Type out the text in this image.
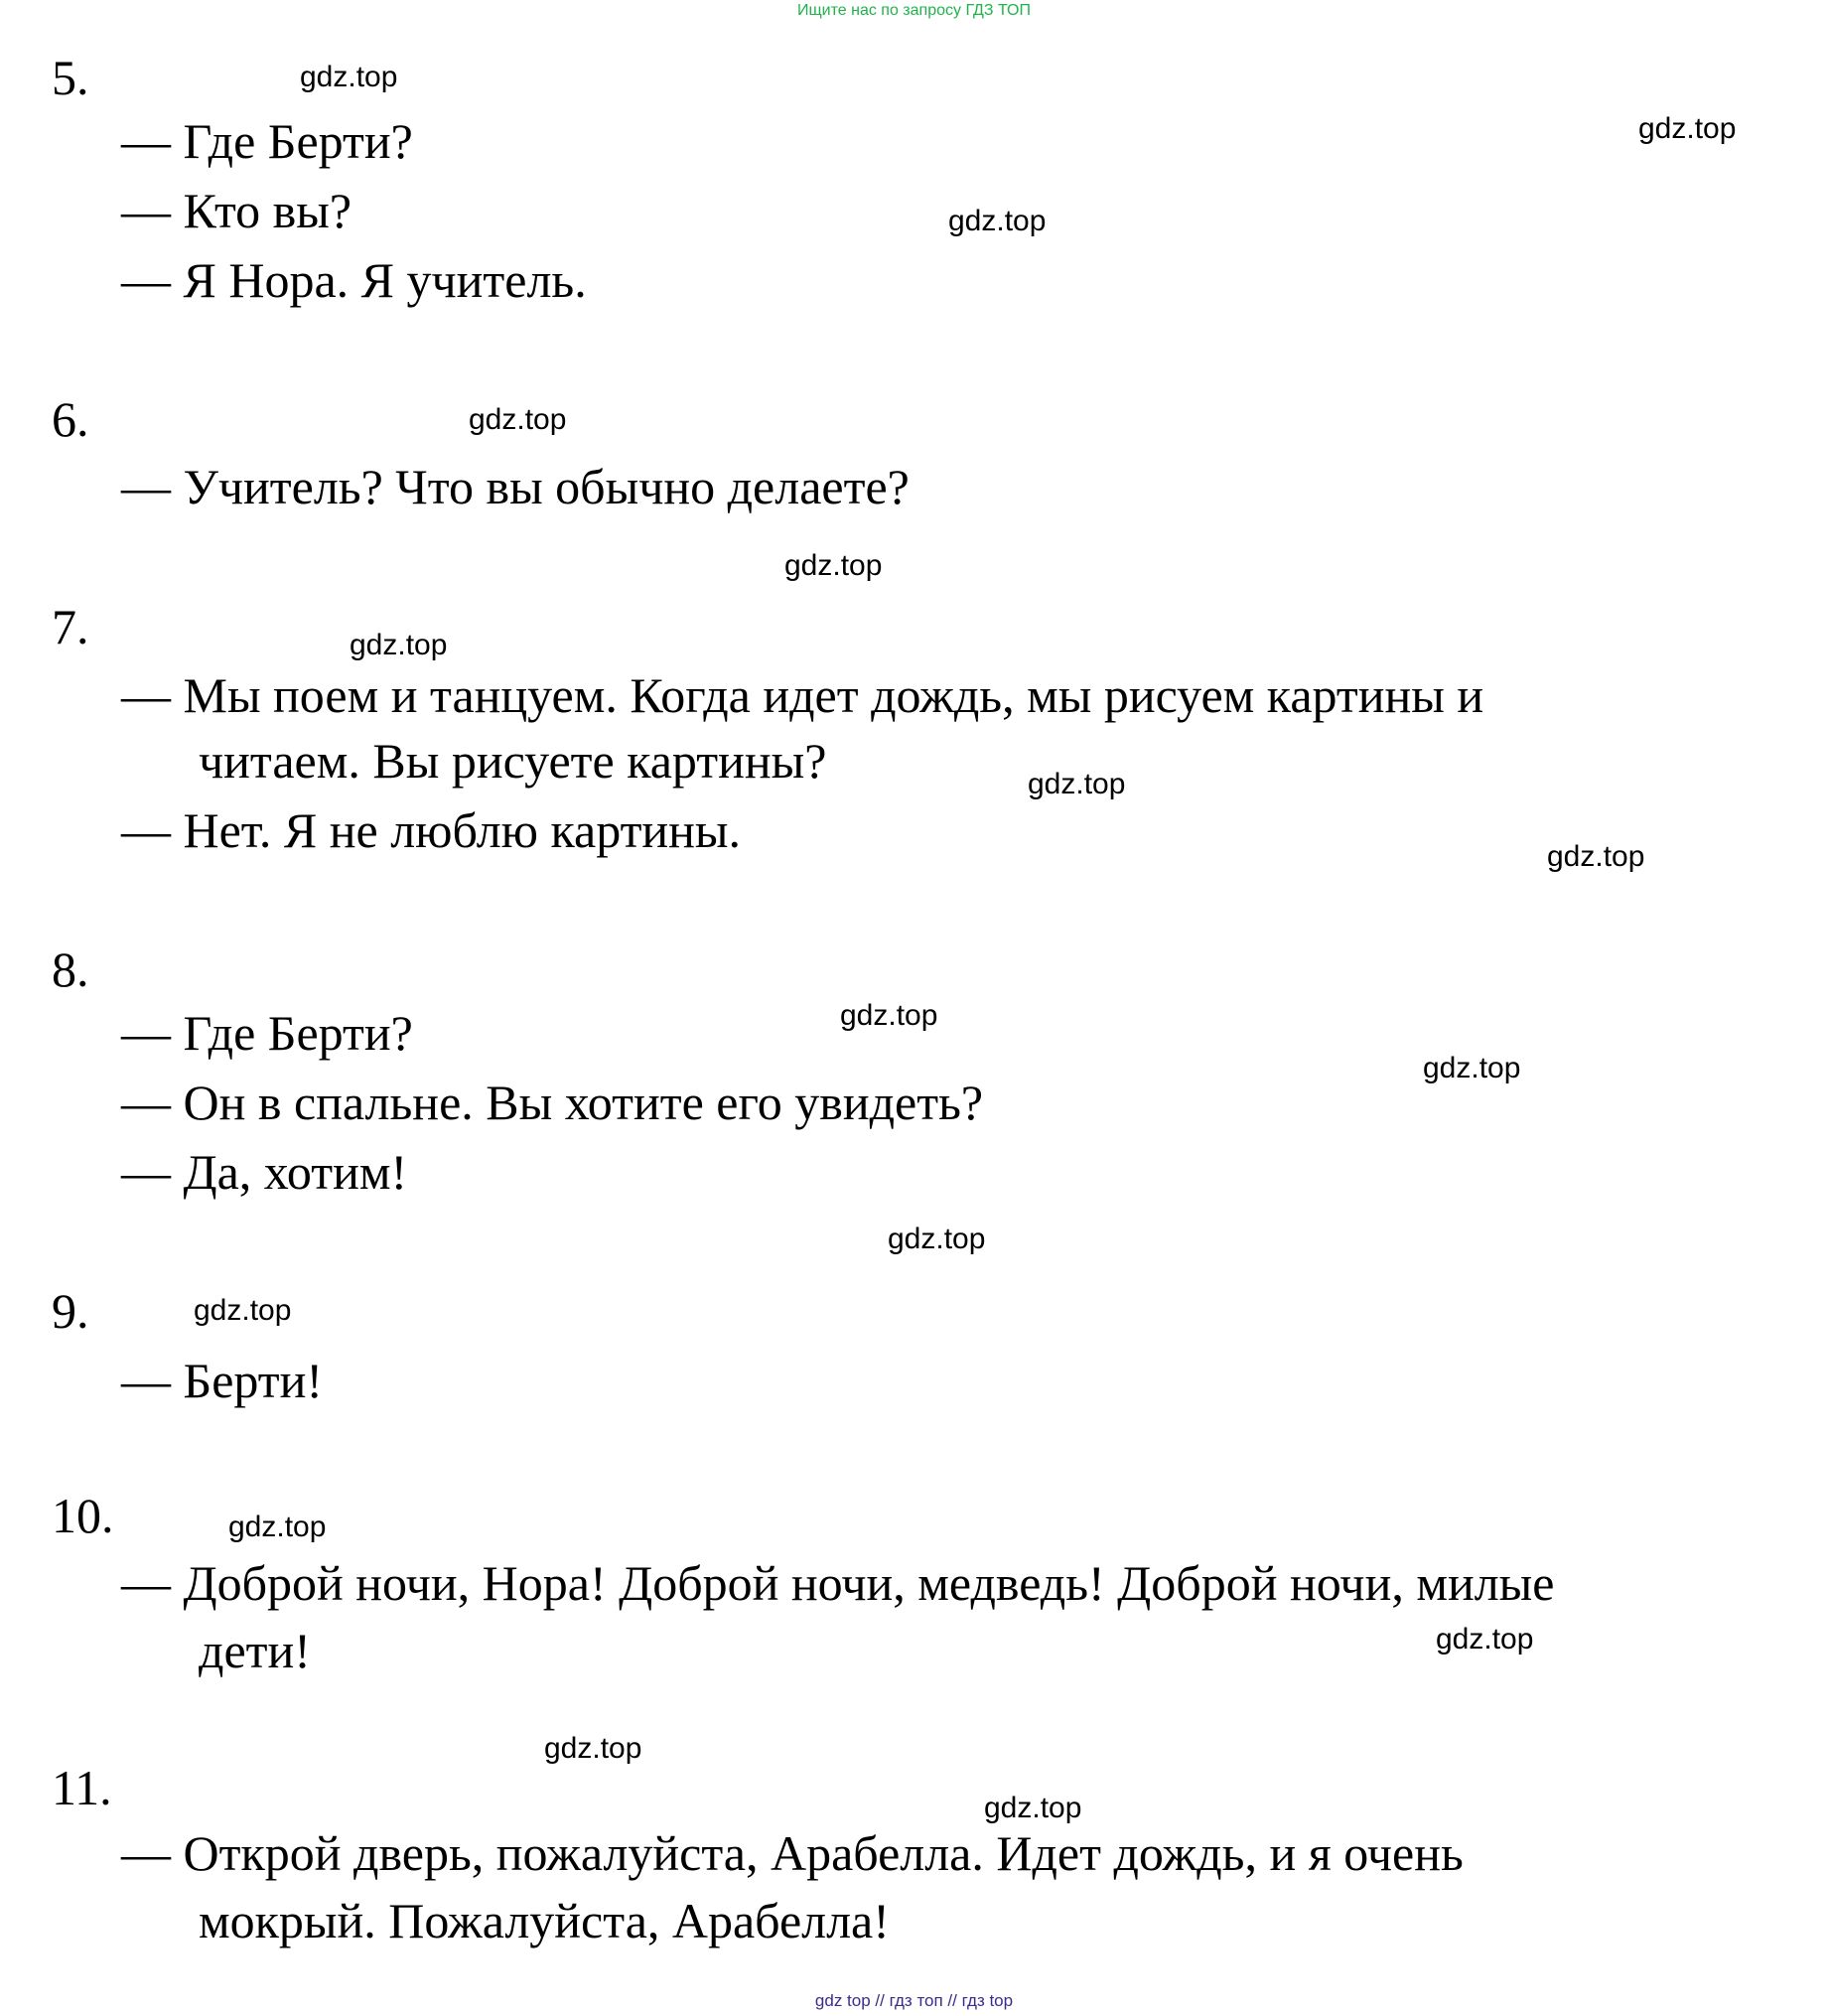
Ищите нас по запросу ГДЗ ТОП
5.
— Где Берти?
— Кто вы?
— Я Нора. Я учитель.
6.
— Учитель? Что вы обычно делаете?
7.
— Мы поем и танцуем. Когда идет дождь, мы рисуем картины и
читаем. Вы рисуете картины?
— Нет. Я не люблю картины.
8.
— Где Берти?
— Он в спальне. Вы хотите его увидеть?
— Да, хотим!
9.
— Берти!
10.
— Доброй ночи, Нора! Доброй ночи, медведь! Доброй ночи, милые
дети!
11.
— Открой дверь, пожалуйста, Арабелла. Идет дождь, и я очень
мокрый. Пожалуйста, Арабелла!
gdz.top
gdz.top
gdz.top
gdz.top
gdz.top
gdz.top
gdz.top
gdz.top
gdz.top
gdz.top
gdz.top
gdz.top
gdz.top
gdz.top
gdz.top
gdz.top
gdz top // гдз топ // гдз top
